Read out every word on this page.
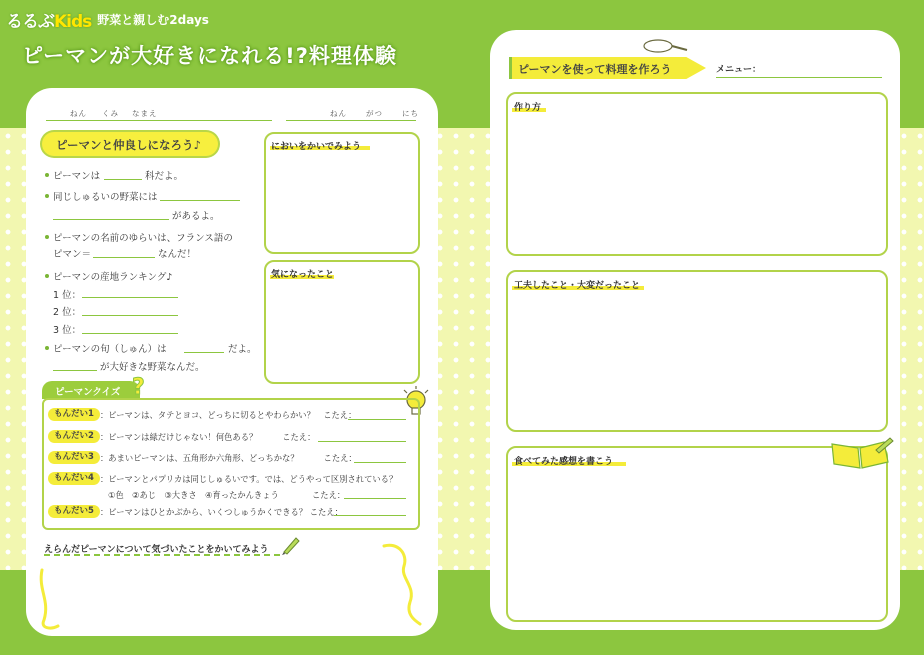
るるぶKids 野菜と親しむ2days
ピーマンが大好きになれる!?料理体験
ねん くみ なまえ	ねん	がつ	にち
ピーマンと仲良しになろう♪
ピーマンは	科だよ。
同じしゅるいの野菜には
があるよ。
ピーマンの名前のゆらいは、フランス語の
ピマン＝	なんだ！
ピーマンの産地ランキング♪
1 位：
2 位：
3 位：
ピーマンの旬（しゅん）は	だよ。
が大好きな野菜なんだ。
においをかいでみよう
気になったこと
ピーマンクイズ ?
もんだい1 ：ピーマンは、タテとヨコ、どっちに切るとやわらかい？　こたえ：
もんだい2 ：ピーマンは緑だけじゃない！何色ある？　　　こたえ：
もんだい3 ：あまいピーマンは、五角形か六角形、どっちかな？　　　こたえ：
もんだい4 ：ピーマンとパプリカは同じしゅるいです。では、どうやって区別されている？
①色　②あじ　③大きさ　④育ったかんきょう　　　　こたえ：
もんだい5 ：ピーマンはひとかぶから、いくつしゅうかくできる？ こたえ：
えらんだピーマンについて気づいたことをかいてみよう
ピーマンを使って料理を作ろう	メニュー：
作り方
工夫したこと・大変だったこと
食べてみた感想を書こう
